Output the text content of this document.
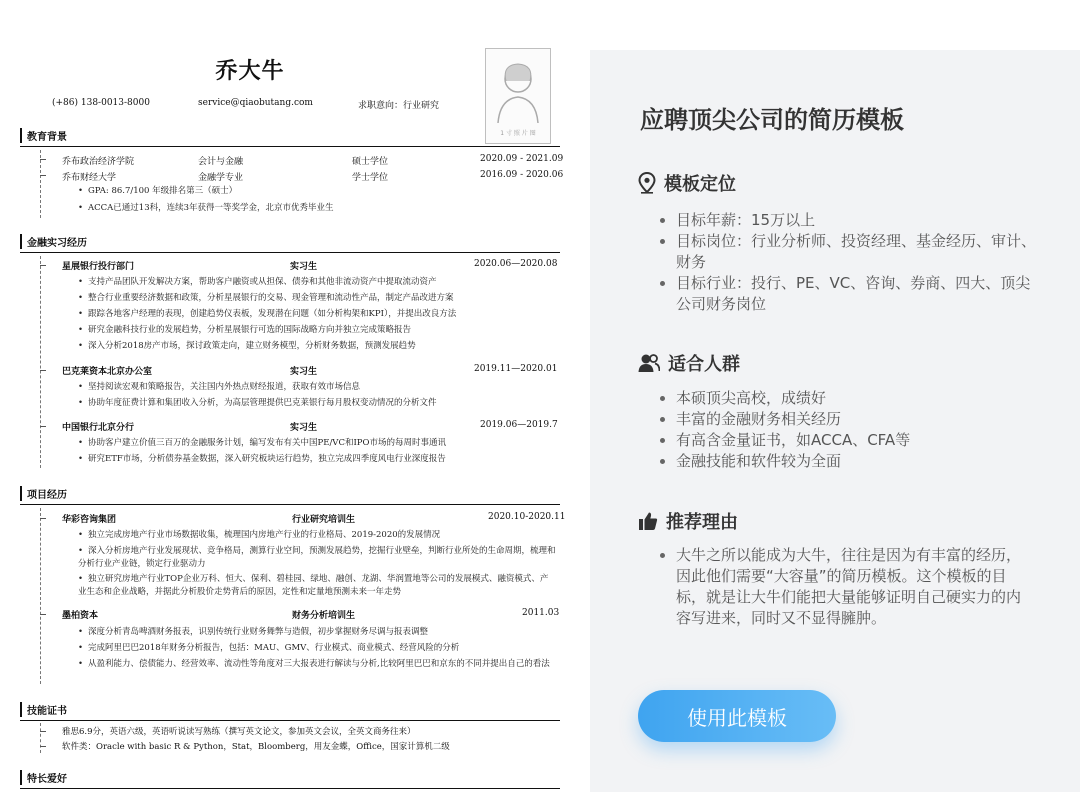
乔大牛
(+86) 138-0013-8000	service@qiaobutang.com	求职意向：行业研究
1 寸 照 片 图
教育背景
乔布政治经济学院	会计与金融	硕士学位	2020.09 - 2021.09
乔布财经大学	金融学专业	学士学位	2016.09 - 2020.06
• GPA: 86.7/100 年级排名第三（硕士）
• ACCA已通过13科，连续3年获得一等奖学金，北京市优秀毕业生
金融实习经历
星展银行投行部门	实习生	2020.06—2020.08
• 支持产品团队开发解决方案，帮助客户融资或从担保、债券和其他非流动资产中提取流动资产
• 整合行业重要经济数据和政策，分析星展银行的交易、现金管理和流动性产品，制定产品改进方案
• 跟踪各地客户经理的表现，创建趋势仪表板，发现潜在问题（如分析构架和KPI），并提出改良方法
• 研究金融科技行业的发展趋势，分析星展银行可选的国际战略方向并独立完成策略报告
• 深入分析2018房产市场，探讨政策走向，建立财务模型，分析财务数据，预测发展趋势
巴克莱资本北京办公室	实习生	2019.11—2020.01
• 坚持阅读宏观和策略报告，关注国内外热点财经报道，获取有效市场信息
• 协助年度征费计算和集团收入分析，为高层管理提供巴克莱银行每月股权变动情况的分析文件
中国银行北京分行	实习生	2019.06—2019.7
• 协助客户建立价值三百万的金融服务计划，编写发布有关中国PE/VC和IPO市场的每周时事通讯
• 研究ETF市场，分析债券基金数据，深入研究板块运行趋势，独立完成四季度风电行业深度报告
项目经历
华彩咨询集团	行业研究培训生	2020.10-2020.11
• 独立完成房地产行业市场数据收集，梳理国内房地产行业的行业格局、2019-2020的发展情况
• 深入分析房地产行业发展现状、竞争格局，测算行业空间，预测发展趋势，挖掘行业壁垒，判断行业所处的生命周期，梳理和分析行业产业链，锁定行业驱动力
• 独立研究房地产行业TOP企业万科、恒大、保利、碧桂园、绿地、融创、龙湖、华润置地等公司的发展模式、融资模式、产业生态和企业战略，并据此分析股价走势背后的原因，定性和定量地预测未来一年走势
墨柏资本	财务分析培训生	2011.03
• 深度分析青岛啤酒财务报表，识别传统行业财务舞弊与造假，初步掌握财务尽调与报表调整
• 完成阿里巴巴2018年财务分析报告，包括：MAU、GMV、行业模式、商业模式、经营风险的分析
• 从盈利能力、偿债能力、经营效率、流动性等角度对三大报表进行解读与分析,比较阿里巴巴和京东的不同并提出自己的看法
技能证书
雅思6.9分，英语六级，英语听说读写熟练（撰写英文论文，参加英文会议，全英文商务往来）
软件类：Oracle with basic R & Python，Stat，Bloomberg，用友金蝶，Office，国家计算机二级
特长爱好
应聘顶尖公司的简历模板
模板定位
目标年薪：15万以上
目标岗位：行业分析师、投资经理、基金经历、审计、财务
目标行业：投行、PE、VC、咨询、券商、四大、顶尖公司财务岗位
适合人群
本硕顶尖高校，成绩好
丰富的金融财务相关经历
有高含金量证书，如ACCA、CFA等
金融技能和软件较为全面
推荐理由
大牛之所以能成为大牛，往往是因为有丰富的经历，因此他们需要“大容量”的简历模板。这个模板的目标，就是让大牛们能把大量能够证明自己硬实力的内容写进来，同时又不显得臃肿。
使用此模板
